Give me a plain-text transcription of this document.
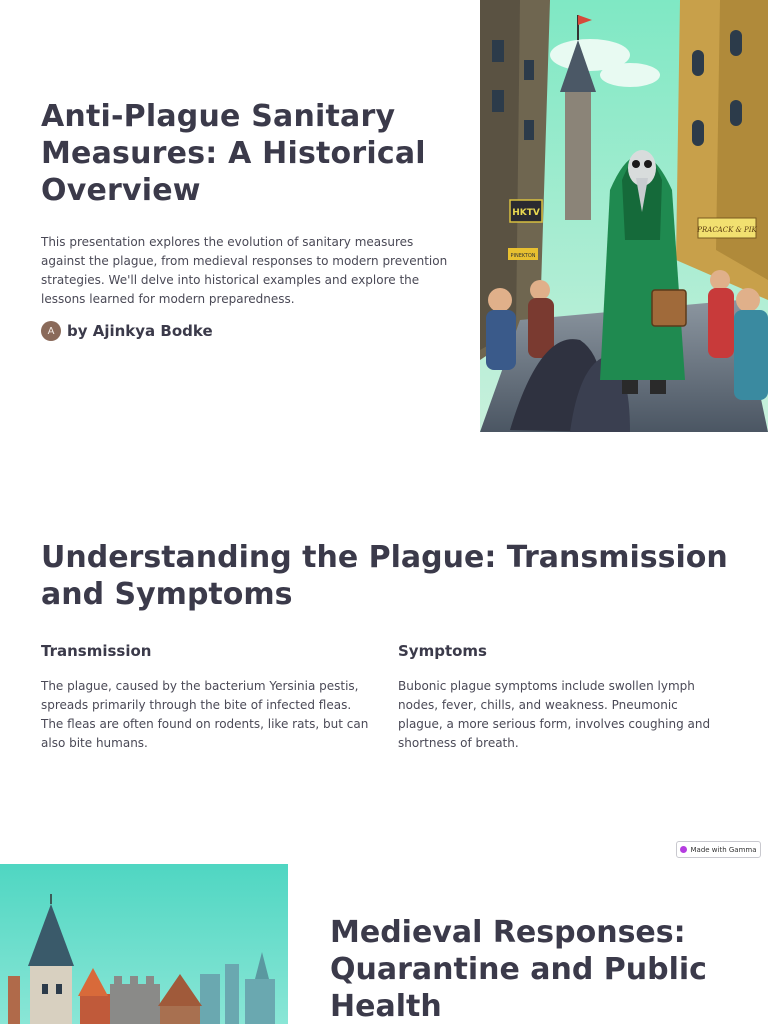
Anti-Plague Sanitary Measures: A Historical Overview

This presentation explores the evolution of sanitary measures against the plague, from medieval responses to modern prevention strategies. We'll delve into historical examples and explore the lessons learned for modern preparedness.

A by Ajinkya Bodke
HKTV
PINEKTON
PRACACK & PIK
Understanding the Plague: Transmission and Symptoms
Transmission

The plague, caused by the bacterium Yersinia pestis, spreads primarily through the bite of infected fleas. The fleas are often found on rodents, like rats, but can also bite humans.

Symptoms

Bubonic plague symptoms include swollen lymph nodes, fever, chills, and weakness. Pneumonic plague, a more serious form, involves coughing and shortness of breath.

Made with Gamma
Medieval Responses: Quarantine and Public Health
